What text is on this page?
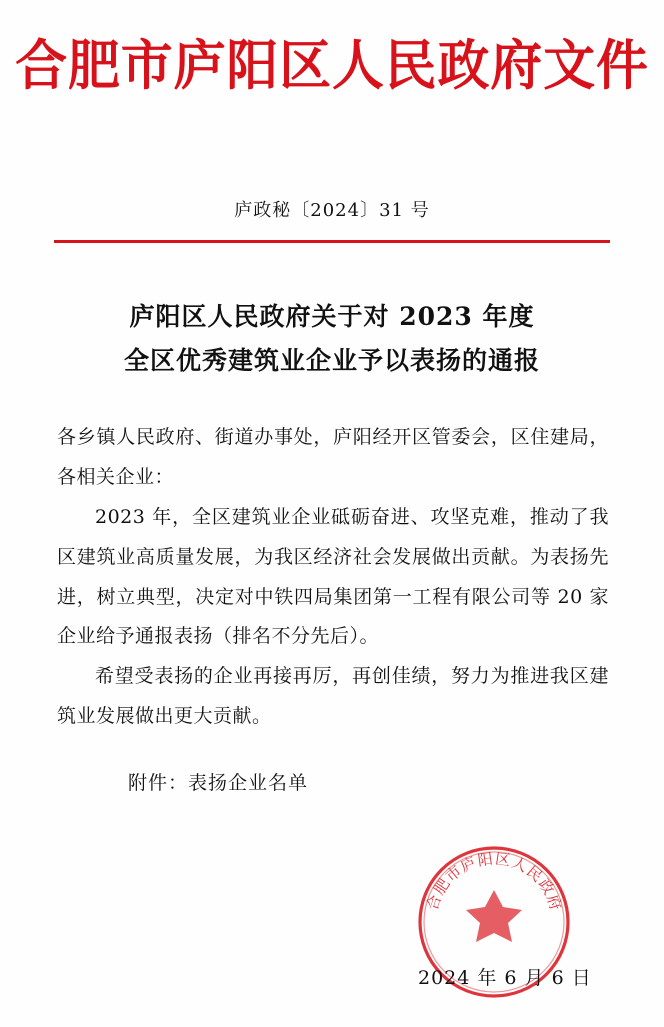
合肥市庐阳区人民政府文件
庐政秘〔2024〕31 号
庐阳区人民政府关于对 2023 年度
全区优秀建筑业企业予以表扬的通报

各乡镇人民政府、街道办事处，庐阳经开区管委会，区住建局，各相关企业：

2023 年，全区建筑业企业砥砺奋进、攻坚克难，推动了我区建筑业高质量发展，为我区经济社会发展做出贡献。为表扬先进，树立典型，决定对中铁四局集团第一工程有限公司等 20 家企业给予通报表扬（排名不分先后）。

希望受表扬的企业再接再厉，再创佳绩，努力为推进我区建筑业发展做出更大贡献。

附件：表扬企业名单
合
肥
市
庐
阳 区
人
民
政
府
2024 年 6 月 6 日
